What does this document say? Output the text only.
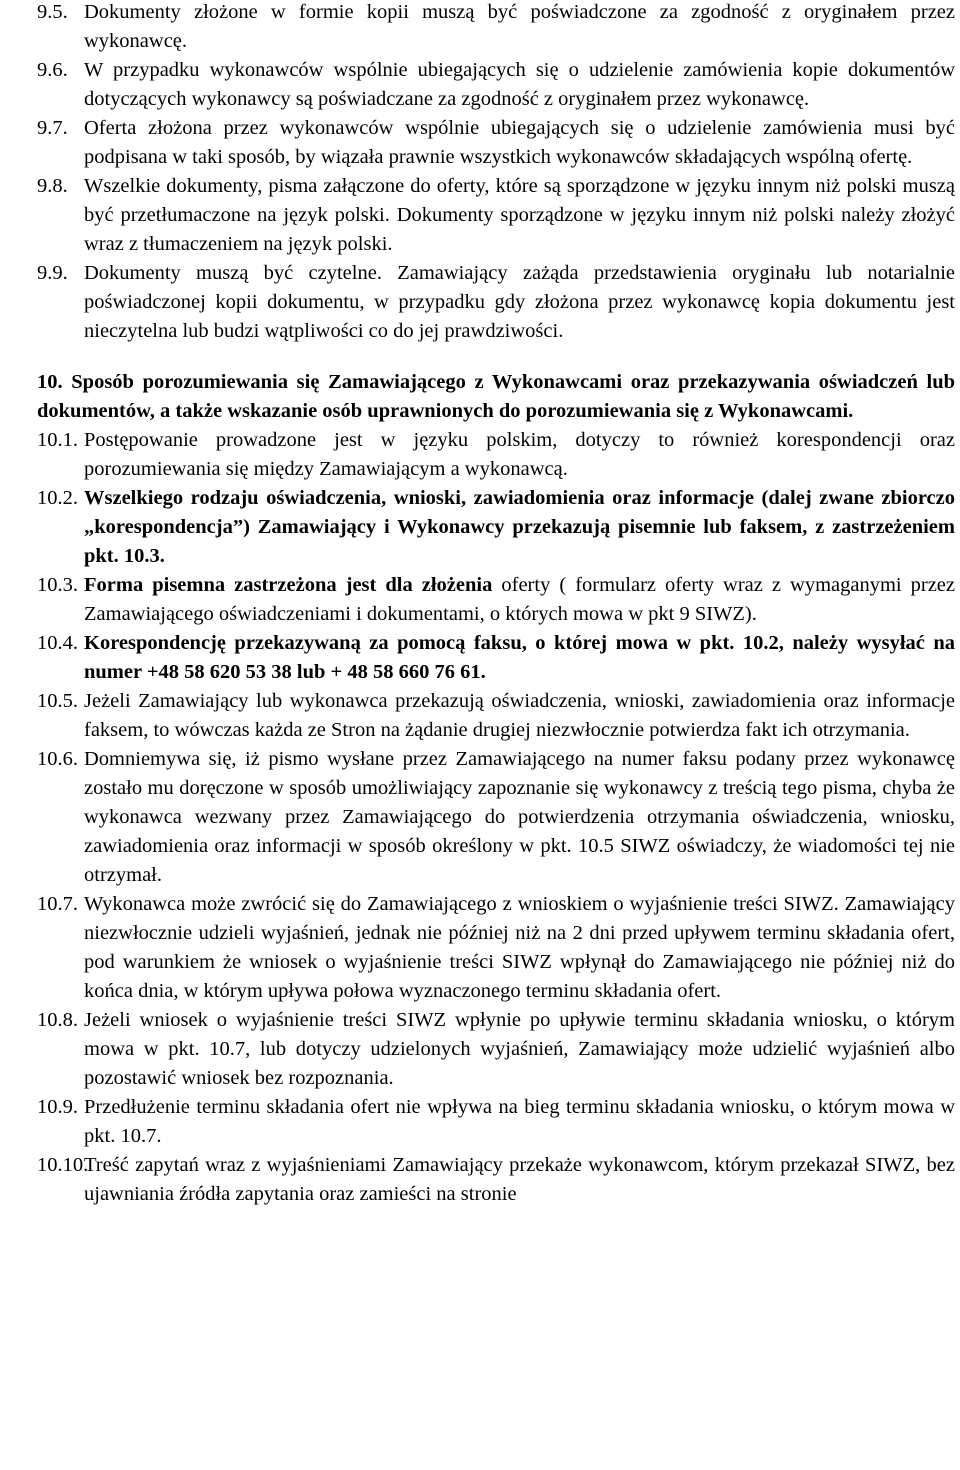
9.5. Dokumenty złożone w formie kopii muszą być poświadczone za zgodność z oryginałem przez wykonawcę.

9.6. W przypadku wykonawców wspólnie ubiegających się o udzielenie zamówienia kopie dokumentów dotyczących wykonawcy są poświadczane za zgodność z oryginałem przez wykonawcę.

9.7. Oferta złożona przez wykonawców wspólnie ubiegających się o udzielenie zamówienia musi być podpisana w taki sposób, by wiązała prawnie wszystkich wykonawców składających wspólną ofertę.

9.8. Wszelkie dokumenty, pisma załączone do oferty, które są sporządzone w języku innym niż polski muszą być przetłumaczone na język polski. Dokumenty sporządzone w języku innym niż polski należy złożyć wraz z tłumaczeniem na język polski.

9.9. Dokumenty muszą być czytelne. Zamawiający zażąda przedstawienia oryginału lub notarialnie poświadczonej kopii dokumentu, w przypadku gdy złożona przez wykonawcę kopia dokumentu jest nieczytelna lub budzi wątpliwości co do jej prawdziwości.

10. Sposób porozumiewania się Zamawiającego z Wykonawcami oraz przekazywania oświadczeń lub dokumentów, a także wskazanie osób uprawnionych do porozumiewania się z Wykonawcami.

10.1. Postępowanie prowadzone jest w języku polskim, dotyczy to również korespondencji oraz porozumiewania się między Zamawiającym a wykonawcą.

10.2. Wszelkiego rodzaju oświadczenia, wnioski, zawiadomienia oraz informacje (dalej zwane zbiorczo „korespondencja”) Zamawiający i Wykonawcy przekazują pisemnie lub faksem, z zastrzeżeniem pkt. 10.3.

10.3. Forma pisemna zastrzeżona jest dla złożenia oferty ( formularz oferty wraz z wymaganymi przez Zamawiającego oświadczeniami i dokumentami, o których mowa w pkt 9 SIWZ).

10.4. Korespondencję przekazywaną za pomocą faksu, o której mowa w pkt. 10.2, należy wysyłać na numer +48 58 620 53 38 lub + 48 58 660 76 61.

10.5. Jeżeli Zamawiający lub wykonawca przekazują oświadczenia, wnioski, zawiadomienia oraz informacje faksem, to wówczas każda ze Stron na żądanie drugiej niezwłocznie potwierdza fakt ich otrzymania.

10.6. Domniemywa się, iż pismo wysłane przez Zamawiającego na numer faksu podany przez wykonawcę zostało mu doręczone w sposób umożliwiający zapoznanie się wykonawcy z treścią tego pisma, chyba że wykonawca wezwany przez Zamawiającego do potwierdzenia otrzymania oświadczenia, wniosku, zawiadomienia oraz informacji w sposób określony w pkt. 10.5 SIWZ oświadczy, że wiadomości tej nie otrzymał.

10.7. Wykonawca może zwrócić się do Zamawiającego z wnioskiem o wyjaśnienie treści SIWZ. Zamawiający niezwłocznie udzieli wyjaśnień, jednak nie później niż na 2 dni przed upływem terminu składania ofert, pod warunkiem że wniosek o wyjaśnienie treści SIWZ wpłynął do Zamawiającego nie później niż do końca dnia, w którym upływa połowa wyznaczonego terminu składania ofert.

10.8. Jeżeli wniosek o wyjaśnienie treści SIWZ wpłynie po upływie terminu składania wniosku, o którym mowa w pkt. 10.7, lub dotyczy udzielonych wyjaśnień, Zamawiający może udzielić wyjaśnień albo pozostawić wniosek bez rozpoznania.

10.9. Przedłużenie terminu składania ofert nie wpływa na bieg terminu składania wniosku, o którym mowa w pkt. 10.7.

10.10.
Treść zapytań wraz z wyjaśnieniami Zamawiający przekaże wykonawcom, którym przekazał SIWZ, bez ujawniania źródła zapytania oraz zamieści na stronie
